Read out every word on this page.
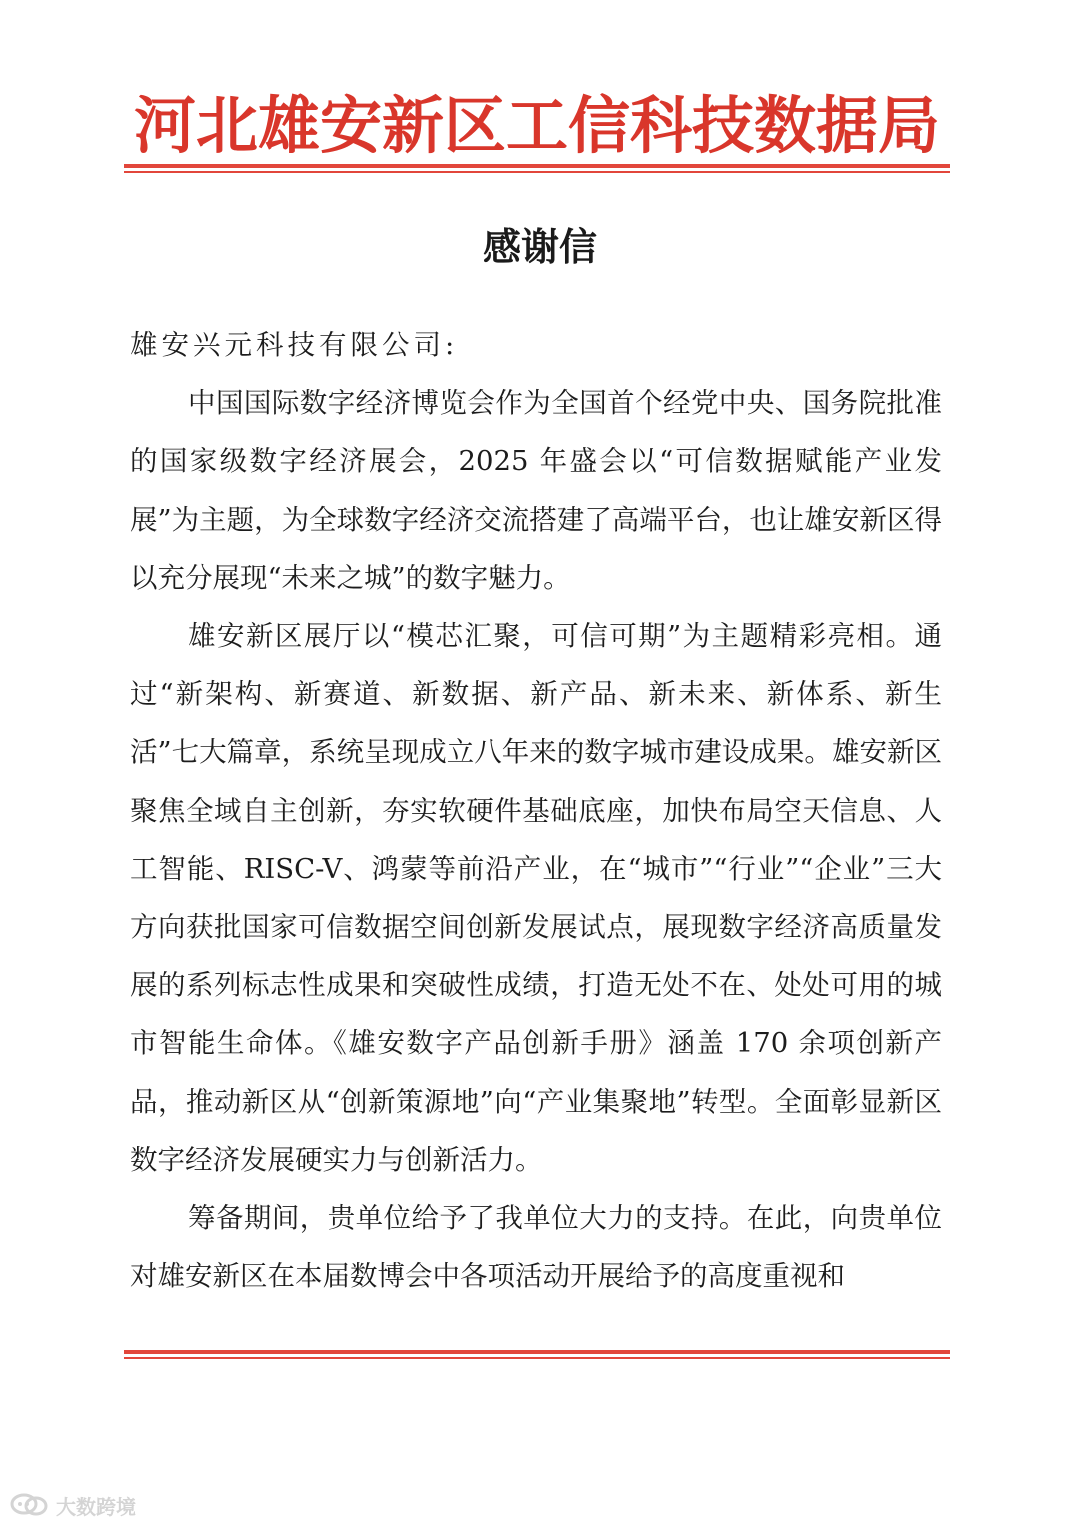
河北雄安新区工信科技数据局
感谢信

雄安兴元科技有限公司:

中国国际数字经济博览会作为全国首个经党中央、国务院批准的国家级数字经济展会，2025 年盛会以“可信数据赋能产业发展”为主题，为全球数字经济交流搭建了高端平台，也让雄安新区得以充分展现“未来之城”的数字魅力。

雄安新区展厅以“模芯汇聚，可信可期”为主题精彩亮相。通过“新架构、新赛道、新数据、新产品、新未来、新体系、新生活”七大篇章，系统呈现成立八年来的数字城市建设成果。雄安新区聚焦全域自主创新，夯实软硬件基础底座，加快布局空天信息、人工智能、RISC-V、鸿蒙等前沿产业，在“城市”“行业”“企业”三大方向获批国家可信数据空间创新发展试点，展现数字经济高质量发展的系列标志性成果和突破性成绩，打造无处不在、处处可用的城市智能生命体。《雄安数字产品创新手册》涵盖 170 余项创新产品，推动新区从“创新策源地”向“产业集聚地”转型。全面彰显新区数字经济发展硬实力与创新活力。

筹备期间，贵单位给予了我单位大力的支持。在此，向贵单位对雄安新区在本届数博会中各项活动开展给予的高度重视和

大数跨境
